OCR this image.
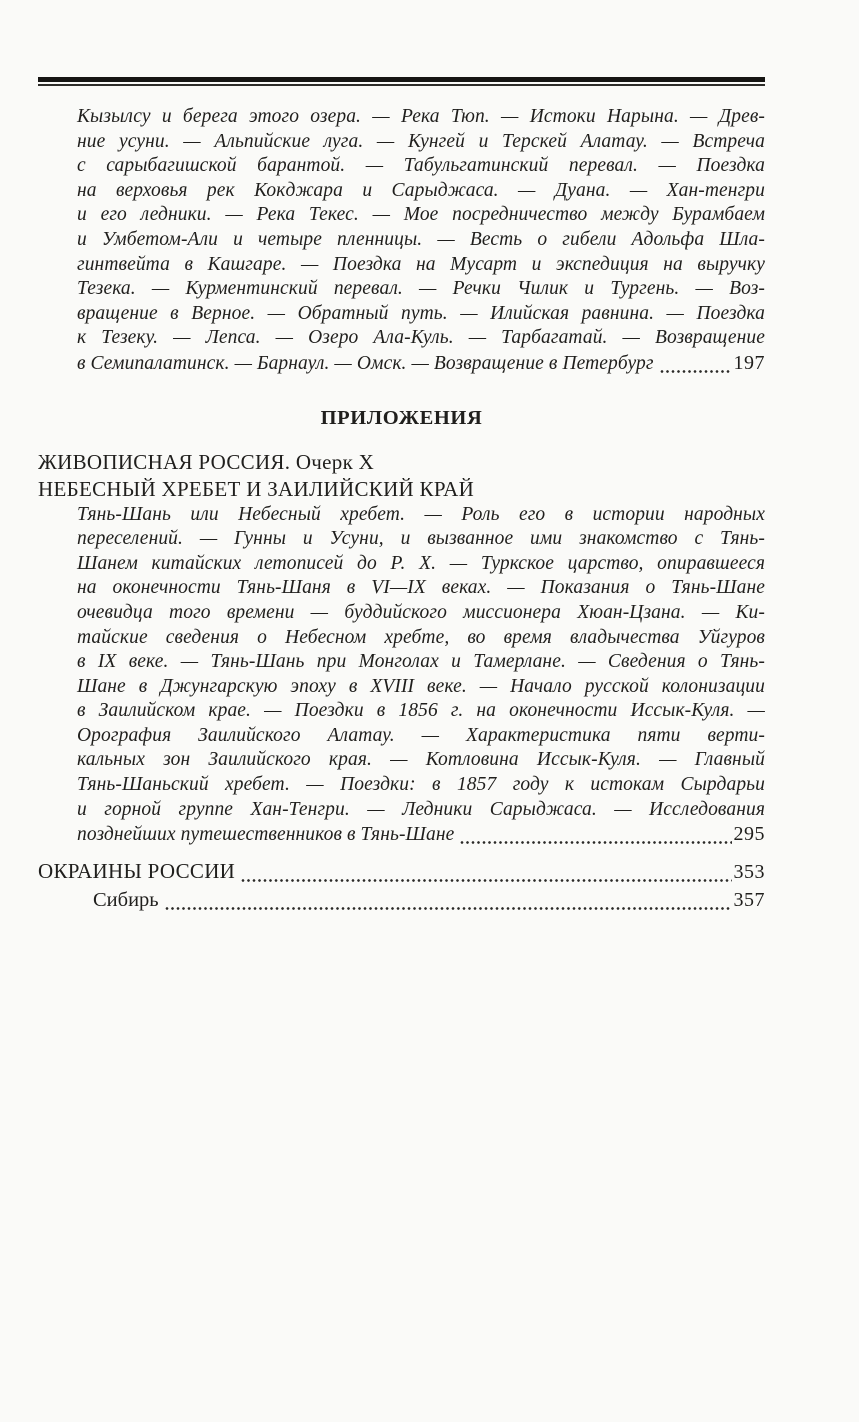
Кызылсу и берега этого озера. — Река Тюп. — Истоки Нарына. — Древ-
ние усуни. — Альпийские луга. — Кунгей и Терскей Алатау. — Встреча
с сарыбагишской барантой. — Табульгатинский перевал. — Поездка
на верховья рек Кокджара и Сарыджаса. — Дуана. — Хан-тенгри
и его ледники. — Река Текес. — Мое посредничество между Бурамбаем
и Умбетом-Али и четыре пленницы. — Весть о гибели Адольфа Шла-
гинтвейта в Кашгаре. — Поездка на Мусарт и экспедиция на выручку
Тезека. — Курментинский перевал. — Речки Чилик и Тургень. — Воз-
вращение в Верное. — Обратный путь. — Илийская равнина. — Поездка
к Тезеку. — Лепса. — Озеро Ала-Куль. — Тарбагатай. — Возвращение
в Семипалатинск. — Барнаул. — Омск. — Возвращение в Петербург	197
ПРИЛОЖЕНИЯ
ЖИВОПИСНАЯ РОССИЯ. Очерк X
НЕБЕСНЫЙ ХРЕБЕТ И ЗАИЛИЙСКИЙ КРАЙ
Тянь-Шань или Небесный хребет. — Роль его в истории народных
переселений. — Гунны и Усуни, и вызванное ими знакомство с Тянь-
Шанем китайских летописей до Р. Х. — Туркское царство, опиравшееся
на оконечности Тянь-Шаня в VI—IX веках. — Показания о Тянь-Шане
очевидца того времени — буддийского миссионера Хюан-Цзана. — Ки-
тайские сведения о Небесном хребте, во время владычества Уйгуров
в IX веке. — Тянь-Шань при Монголах и Тамерлане. — Сведения о Тянь-
Шане в Джунгарскую эпоху в XVIII веке. — Начало русской колонизации
в Заилийском крае. — Поездки в 1856 г. на оконечности Иссык-Куля. —
Орография Заилийского Алатау. — Характеристика пяти верти-
кальных зон Заилийского края. — Котловина Иссык-Куля. — Главный
Тянь-Шаньский хребет. — Поездки: в 1857 году к истокам Сырдарьи
и горной группе Хан-Тенгри. — Ледники Сарыджаса. — Исследования
позднейших путешественников в Тянь-Шане	295
ОКРАИНЫ РОССИИ	353
Сибирь	357
